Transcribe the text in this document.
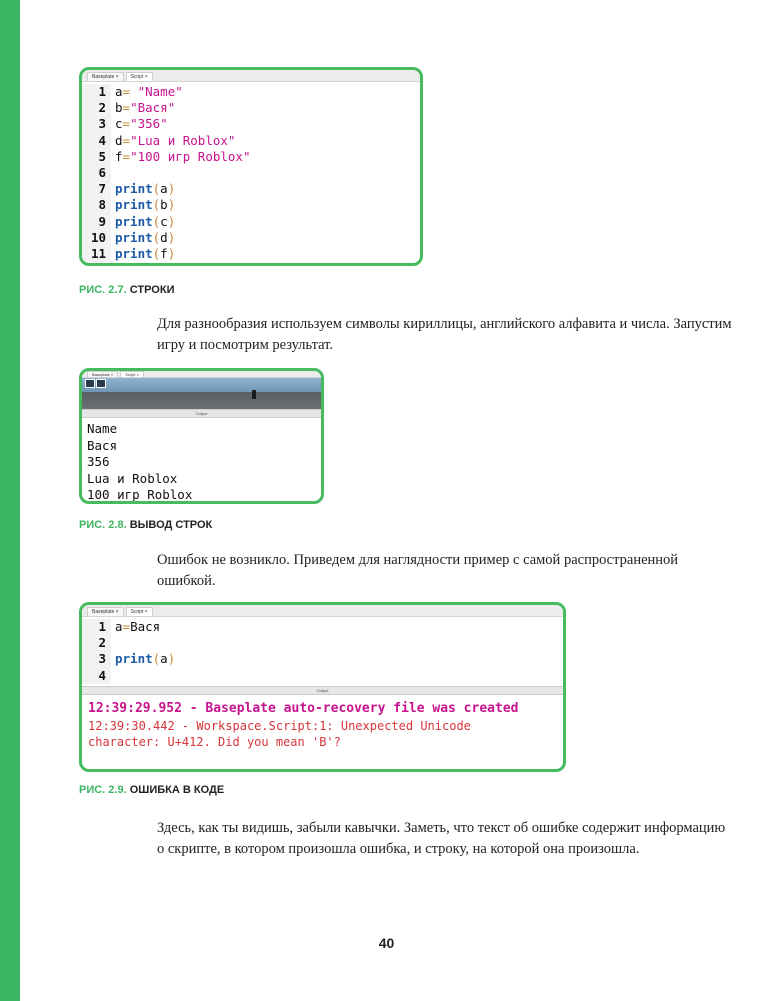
Baseplate ×	Script ×
1 a= "Name"
2 b="Вася"
3 c="356"
4 d="Lua и Roblox"
5 f="100 игр Roblox"
6
7 print(a)
8 print(b)
9 print(c)
10 print(d)
11 print(f)
РИС. 2.7. СТРОКИ
Для разнообразия используем символы кириллицы, английского алфавита и числа. Запустим игру и посмотрим результат.
Baseplate ×	Script ×
Output
Name
Вася
356
Lua и Roblox
100 игр Roblox
РИС. 2.8. ВЫВОД СТРОК
Ошибок не возникло. Приведем для наглядности пример с самой распространенной ошибкой.
Baseplate ×	Script ×
1 a=Вася
2
3 print(a)
4
Output
12:39:29.952 - Baseplate auto-recovery file was created
12:39:30.442 - Workspace.Script:1: Unexpected Unicode
character: U+412. Did you mean 'B'?
РИС. 2.9. ОШИБКА В КОДЕ
Здесь, как ты видишь, забыли кавычки. Заметь, что текст об ошибке содержит информацию о скрипте, в котором произошла ошибка, и строку, на которой она произошла.
40
